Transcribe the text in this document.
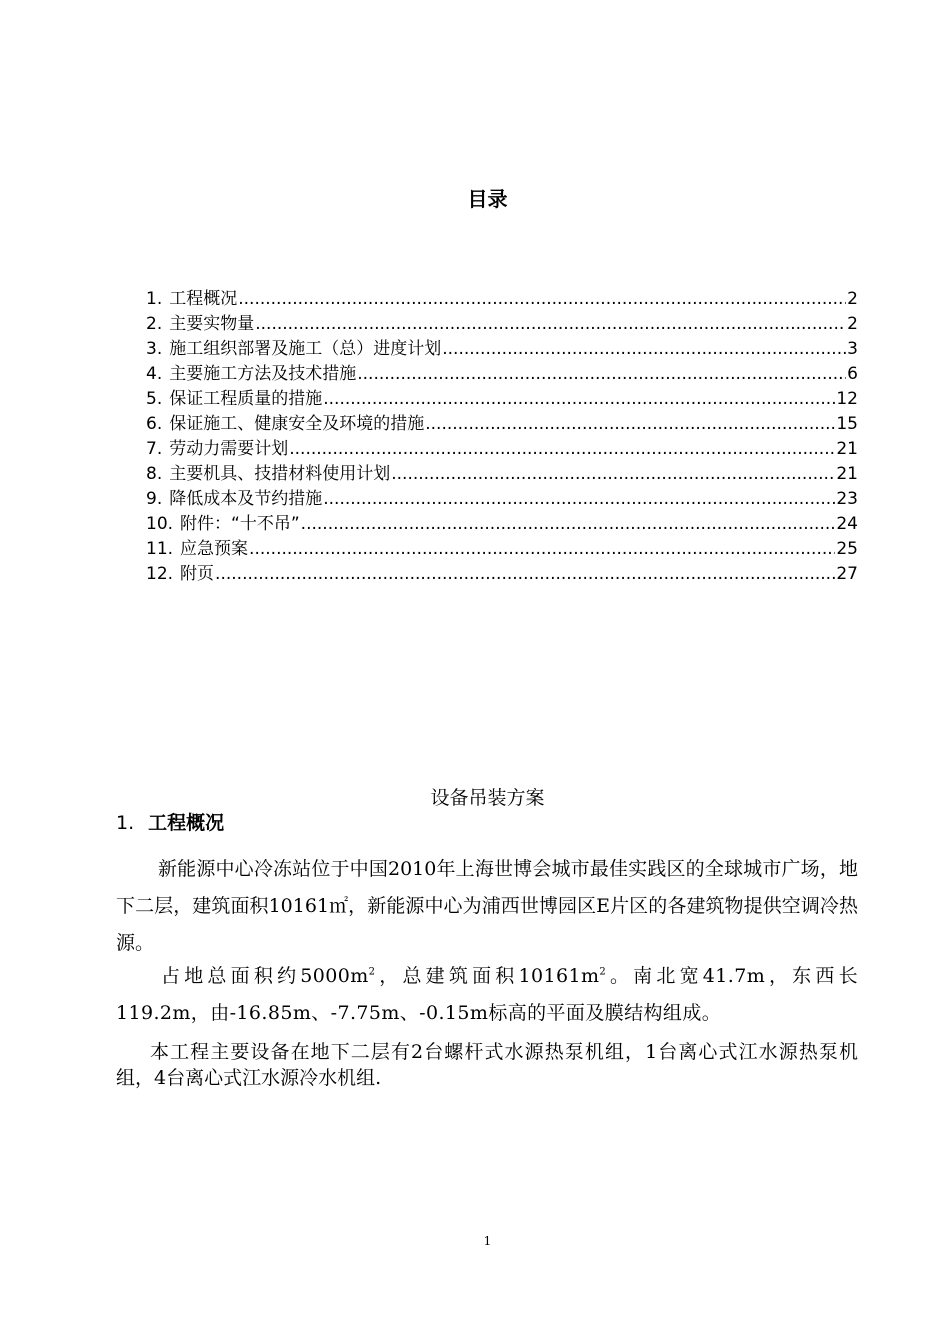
目录
1. 工程概况 .....	2
2. 主要实物量 .....	2
3. 施工组织部署及施工（总）进度计划 .....	3
4. 主要施工方法及技术措施 .....	6
5. 保证工程质量的措施 .....	12
6. 保证施工、健康安全及环境的措施 .....	15
7. 劳动力需要计划 .....	21
8. 主要机具、技措材料使用计划 .....	21
9. 降低成本及节约措施 .....	23
10. 附件：“十不吊” .....	24
11. 应急预案 .....	25
12. 附页 .....	27
设备吊装方案
1. 工程概况

新能源中心冷冻站位于中国2010年上海世博会城市最佳实践区的全球城市广场，地下二层，建筑面积10161㎡，新能源中心为浦西世博园区E片区的各建筑物提供空调冷热源。

占地总面积约$5000m^2$，总建筑面积$10161m^2$。南北宽41.7m，东西长119.2m，由-16.85m、-7.75m、-0.15m标高的平面及膜结构组成。

本工程主要设备在地下二层有2台螺杆式水源热泵机组，1台离心式江水源热泵机组，4台离心式江水源冷水机组.

1
